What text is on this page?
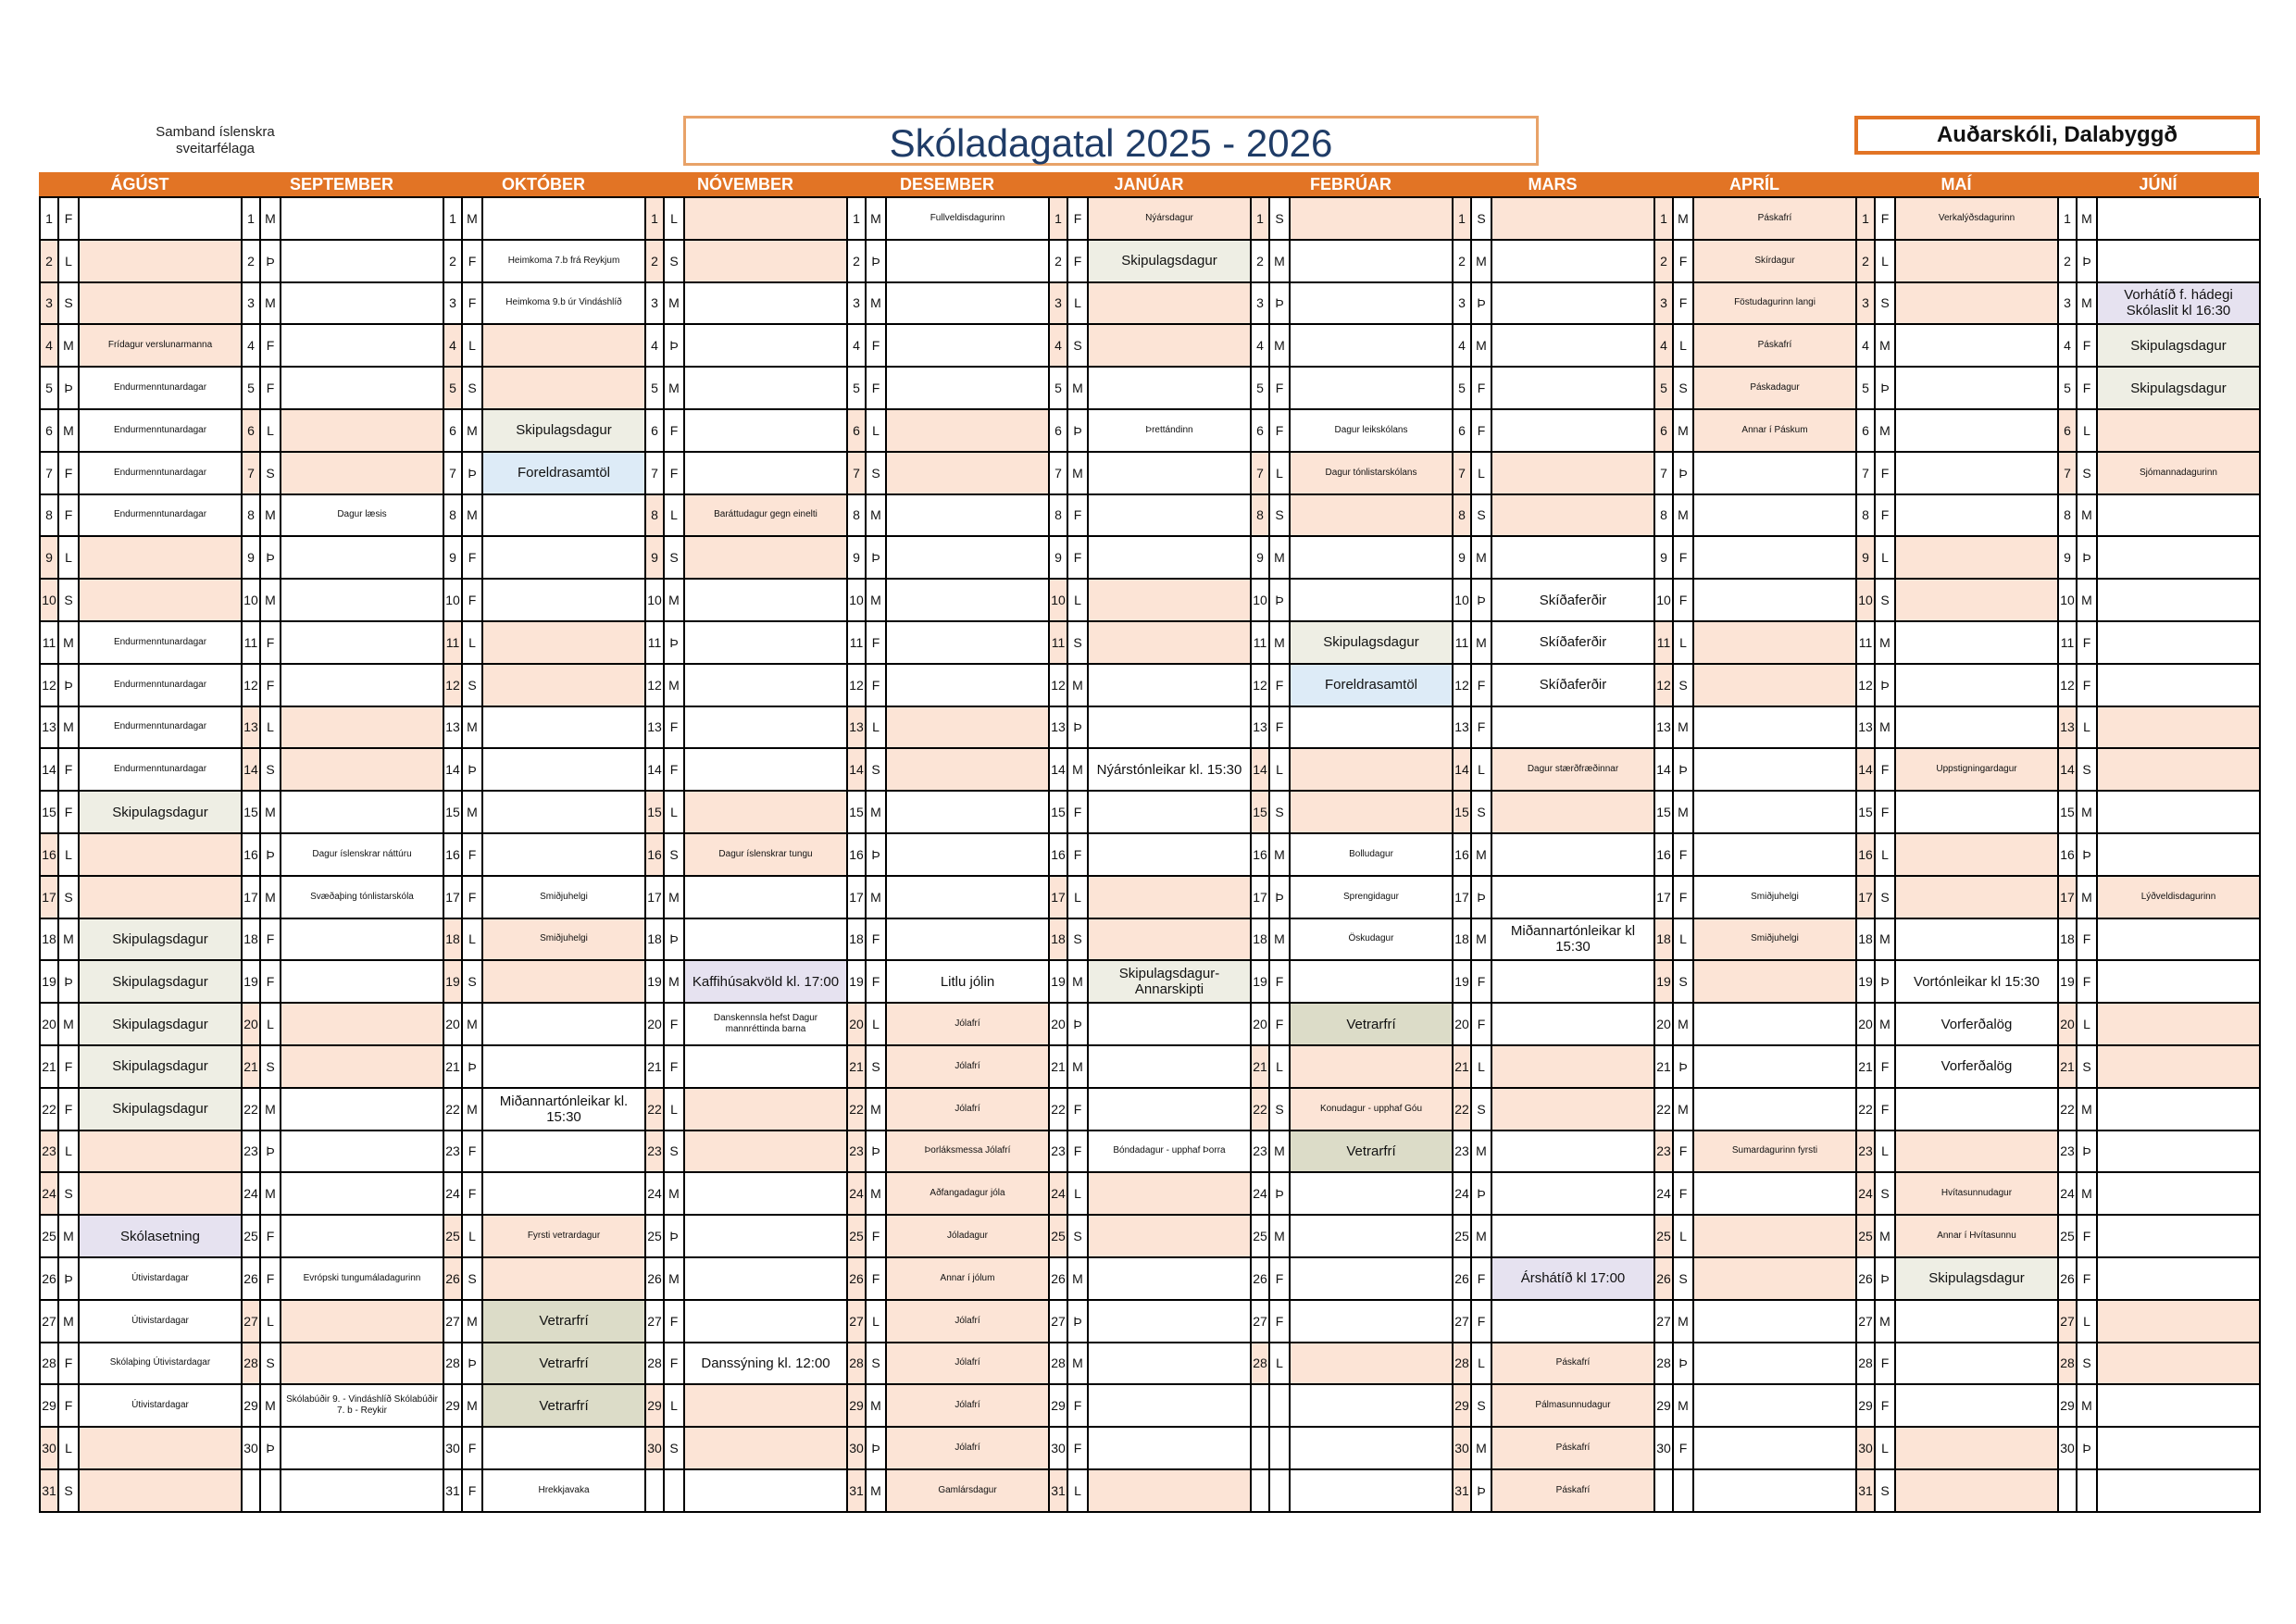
Samband íslenskra sveitarfélaga	Skóladagatal 2025 - 2026	Auðarskóli, Dalabyggð
ÁGÚST	SEPTEMBER	OKTÓBER	NÓVEMBER	DESEMBER	JANÚAR	FEBRÚAR	MARS	APRÍL	MAÍ	JÚNÍ
1 F
2 L
3 S
4 M	Frídagur verslunarmanna
5 Þ	Endurmenntunardagar
6 M	Endurmenntunardagar
7 F	Endurmenntunardagar
8 F	Endurmenntunardagar
9 L
10 S
11 M	Endurmenntunardagar
12 Þ	Endurmenntunardagar
13 M	Endurmenntunardagar
14 F	Endurmenntunardagar
15 F	Skipulagsdagur
16 L
17 S
18 M	Skipulagsdagur
19 Þ	Skipulagsdagur
20 M	Skipulagsdagur
21 F	Skipulagsdagur
22 F	Skipulagsdagur
23 L
24 S
25 M	Skólasetning
26 Þ	Útivistardagar
27 M	Útivistardagar
28 F	Skólaþing Útivistardagar
29 F	Útivistardagar
30 L
31 S
1 M
2 Þ
3 M
4 F
5 F
6 L
7 S
8 M	Dagur læsis
9 Þ
10 M
11 F
12 F
13 L
14 S
15 M
16 Þ	Dagur íslenskrar náttúru
17 M	Svæðaþing tónlistarskóla
18 F
19 F
20 L
21 S
22 M
23 Þ
24 M
25 F
26 F	Evrópski tungumáladagurinn
27 L
28 S
29 M	Skólabúðir 9. - Vindáshlíð Skólabúðir 7. b - Reykir
30 Þ
1 M
2 F	Heimkoma 7.b frá Reykjum
3 F	Heimkoma 9.b úr Vindáshlíð
4 L
5 S
6 M	Skipulagsdagur
7 Þ	Foreldrasamtöl
8 M
9 F
10 F
11 L
12 S
13 M
14 Þ
15 M
16 F
17 F	Smiðjuhelgi
18 L	Smiðjuhelgi
19 S
20 M
21 Þ
22 M	Miðannartónleikar kl. 15:30
23 F
24 F
25 L	Fyrsti vetrardagur
26 S
27 M	Vetrarfrí
28 Þ	Vetrarfrí
29 M	Vetrarfrí
30 F
31 F	Hrekkjavaka
1 L
2 S
3 M
4 Þ
5 M
6 F
7 F
8 L	Baráttudagur gegn einelti
9 S
10 M
11 Þ
12 M
13 F
14 F
15 L
16 S	Dagur íslenskrar tungu
17 M
18 Þ
19 M Kaffihúsakvöld kl. 17:00
20 F	Danskennsla hefst Dagur mannréttinda barna
21 F
22 L
23 S
24 M
25 Þ
26 M
27 F
28 F	Danssýning kl. 12:00
29 L
30 S
1 M	Fullveldisdagurinn
2 Þ
3 M
4 F
5 F
6 L
7 S
8 M
9 Þ
10 M
11 F
12 F
13 L
14 S
15 M
16 Þ
17 M
18 F
19 F	Litlu jólin
20 L	Jólafrí
21 S	Jólafrí
22 M	Jólafrí
23 Þ	Þorláksmessa Jólafrí
24 M	Aðfangadagur jóla
25 F	Jóladagur
26 F	Annar í jólum
27 L	Jólafrí
28 S	Jólafrí
29 M	Jólafrí
30 Þ	Jólafrí
31 M	Gamlársdagur
1 F	Nýársdagur
2 F	Skipulagsdagur
3 L
4 S
5 M
6 Þ	Þrettándinn
7 M
8 F
9 F
10 L
11 S
12 M
13 Þ
14 M Nýárstónleikar kl. 15:30
15 F
16 F
17 L
18 S
19 M	Skipulagsdagur- Annarskipti
20 Þ
21 M
22 F
23 F	Bóndadagur - upphaf Þorra
24 L
25 S
26 M
27 Þ
28 M
29 F
30 F
31 L
1 S
2 M
3 Þ
4 M
5 F
6 F	Dagur leikskólans
7 L	Dagur tónlistarskólans
8 S
9 M
10 Þ
11 M	Skipulagsdagur
12 F	Foreldrasamtöl
13 F
14 L
15 S
16 M	Bolludagur
17 Þ	Sprengidagur
18 M	Öskudagur
19 F
20 F	Vetrarfrí
21 L
22 S	Konudagur - upphaf Góu
23 M	Vetrarfrí
24 Þ
25 M
26 F
27 F
28 L
1 S
2 M
3 Þ
4 M
5 F
6 F
7 L
8 S
9 M
10 Þ	Skíðaferðir
11 M	Skíðaferðir
12 F	Skíðaferðir
13 F
14 L	Dagur stærðfræðinnar
15 S
16 M
17 Þ
18 M	Miðannartónleikar kl 15:30
19 F
20 F
21 L
22 S
23 M
24 Þ
25 M
26 F	Árshátíð kl 17:00
27 F
28 L	Páskafrí
29 S	Pálmasunnudagur
30 M	Páskafrí
31 Þ	Páskafrí
1 M	Páskafrí
2 F	Skírdagur
3 F	Föstudagurinn langi
4 L	Páskafrí
5 S	Páskadagur
6 M	Annar í Páskum
7 Þ
8 M
9 F
10 F
11 L
12 S
13 M
14 Þ
15 M
16 F
17 F	Smiðjuhelgi
18 L	Smiðjuhelgi
19 S
20 M
21 Þ
22 M
23 F	Sumardagurinn fyrsti
24 F
25 L
26 S
27 M
28 Þ
29 M
30 F
1 F	Verkalýðsdagurinn
2 L
3 S
4 M
5 Þ
6 M
7 F
8 F
9 L
10 S
11 M
12 Þ
13 M
14 F	Uppstigningardagur
15 F
16 L
17 S
18 M
19 Þ	Vortónleikar kl 15:30
20 M	Vorferðalög
21 F	Vorferðalög
22 F
23 L
24 S	Hvítasunnudagur
25 M	Annar í Hvítasunnu
26 Þ	Skipulagsdagur
27 M
28 F
29 F
30 L
31 S
1 M
2 Þ
3 M	Vorhátíð f. hádegi Skólaslit kl 16:30
4 F	Skipulagsdagur
5 F	Skipulagsdagur
6 L
7 S	Sjómannadagurinn
8 M
9 Þ
10 M
11 F
12 F
13 L
14 S
15 M
16 Þ
17 M	Lýðveldisdagurinn
18 F
19 F
20 L
21 S
22 M
23 Þ
24 M
25 F
26 F
27 L
28 S
29 M
30 Þ
